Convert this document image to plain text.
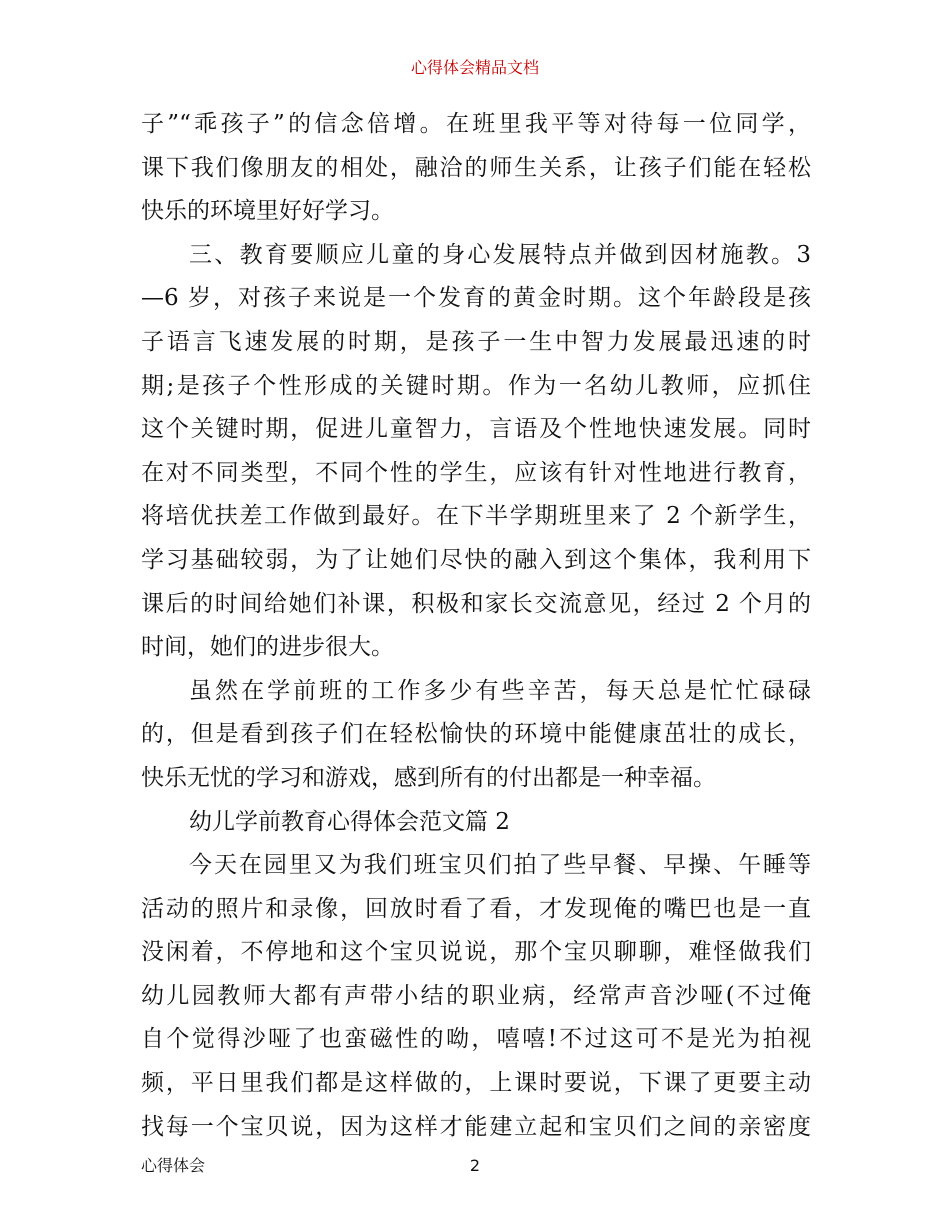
心得体会精品文档
子”“乖孩子”的信念倍增。在班里我平等对待每一位同学，
课下我们像朋友的相处，融洽的师生关系，让孩子们能在轻松
快乐的环境里好好学习。
三、教育要顺应儿童的身心发展特点并做到因材施教。3
—6 岁，对孩子来说是一个发育的黄金时期。这个年龄段是孩
子语言飞速发展的时期，是孩子一生中智力发展最迅速的时
期;是孩子个性形成的关键时期。作为一名幼儿教师，应抓住
这个关键时期，促进儿童智力，言语及个性地快速发展。同时
在对不同类型，不同个性的学生，应该有针对性地进行教育，
将培优扶差工作做到最好。在下半学期班里来了 2 个新学生，
学习基础较弱，为了让她们尽快的融入到这个集体，我利用下
课后的时间给她们补课，积极和家长交流意见，经过 2 个月的
时间，她们的进步很大。
虽然在学前班的工作多少有些辛苦，每天总是忙忙碌碌
的，但是看到孩子们在轻松愉快的环境中能健康茁壮的成长，
快乐无忧的学习和游戏，感到所有的付出都是一种幸福。
幼儿学前教育心得体会范文篇 2
今天在园里又为我们班宝贝们拍了些早餐、早操、午睡等
活动的照片和录像，回放时看了看，才发现俺的嘴巴也是一直
没闲着，不停地和这个宝贝说说，那个宝贝聊聊，难怪做我们
幼儿园教师大都有声带小结的职业病，经常声音沙哑(不过俺
自个觉得沙哑了也蛮磁性的呦，嘻嘻!不过这可不是光为拍视
频，平日里我们都是这样做的，上课时要说，下课了更要主动
找每一个宝贝说，因为这样才能建立起和宝贝们之间的亲密度
心得体会	2
